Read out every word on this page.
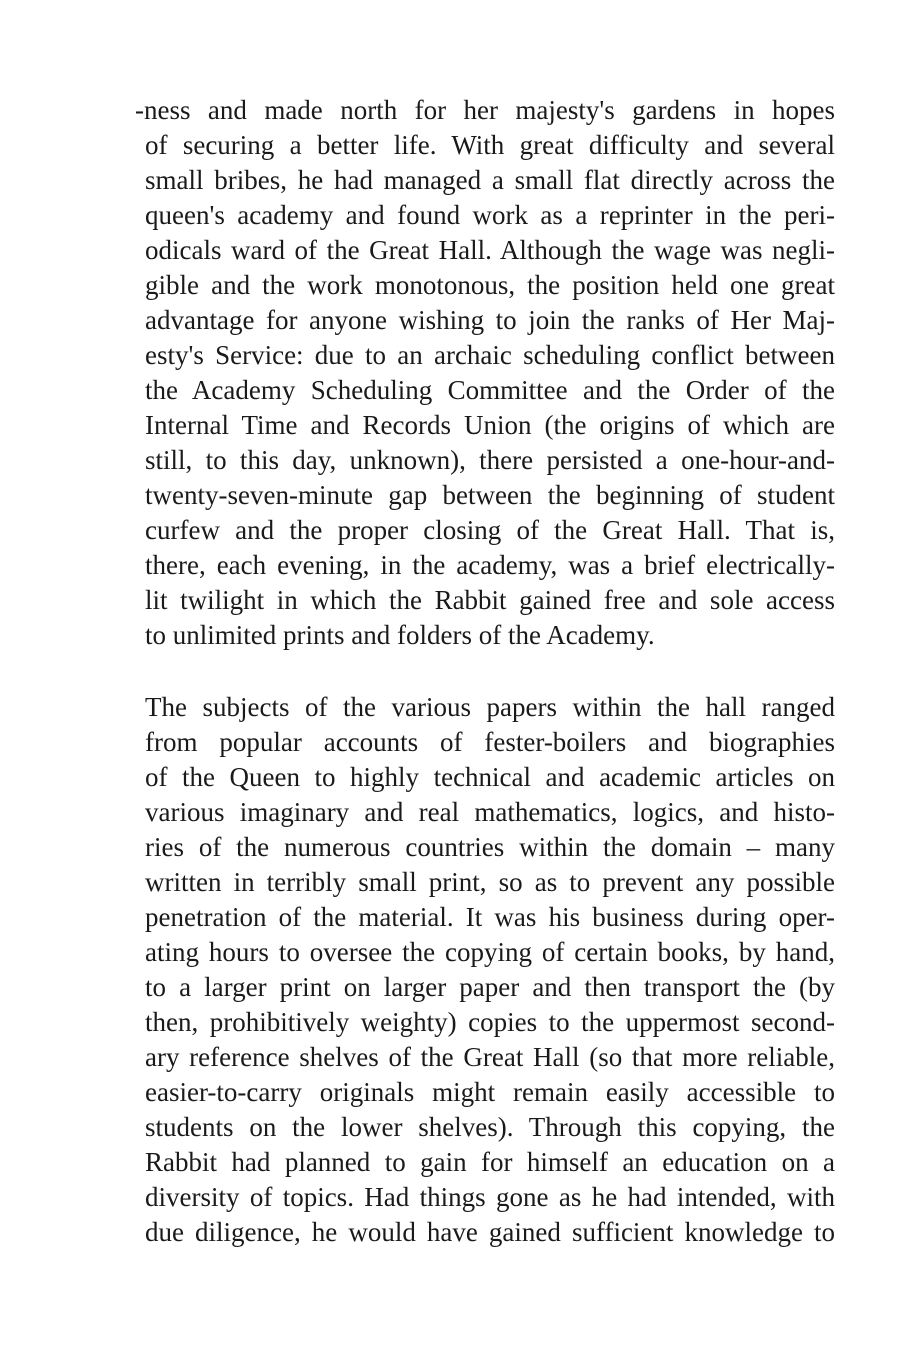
-ness and made north for her majesty's gardens in hopes
of securing a better life. With great difficulty and several
small bribes, he had managed a small flat directly across the
queen's academy and found work as a reprinter in the peri-
odicals ward of the Great Hall. Although the wage was negli-
gible and the work monotonous, the position held one great
advantage for anyone wishing to join the ranks of Her Maj-
esty's Service: due to an archaic scheduling conflict between
the Academy Scheduling Committee and the Order of the
Internal Time and Records Union (the origins of which are
still, to this day, unknown), there persisted a one-hour-and-
twenty-seven-minute gap between the beginning of student
curfew and the proper closing of the Great Hall. That is,
there, each evening, in the academy, was a brief electrically-
lit twilight in which the Rabbit gained free and sole access
to unlimited prints and folders of the Academy.
The subjects of the various papers within the hall ranged
from popular accounts of fester-boilers and biographies
of the Queen to highly technical and academic articles on
various imaginary and real mathematics, logics, and histo-
ries of the numerous countries within the domain – many
written in terribly small print, so as to prevent any possible
penetration of the material. It was his business during oper-
ating hours to oversee the copying of certain books, by hand,
to a larger print on larger paper and then transport the (by
then, prohibitively weighty) copies to the uppermost second-
ary reference shelves of the Great Hall (so that more reliable,
easier-to-carry originals might remain easily accessible to
students on the lower shelves). Through this copying, the
Rabbit had planned to gain for himself an education on a
diversity of topics. Had things gone as he had intended, with
due diligence, he would have gained sufficient knowledge to
